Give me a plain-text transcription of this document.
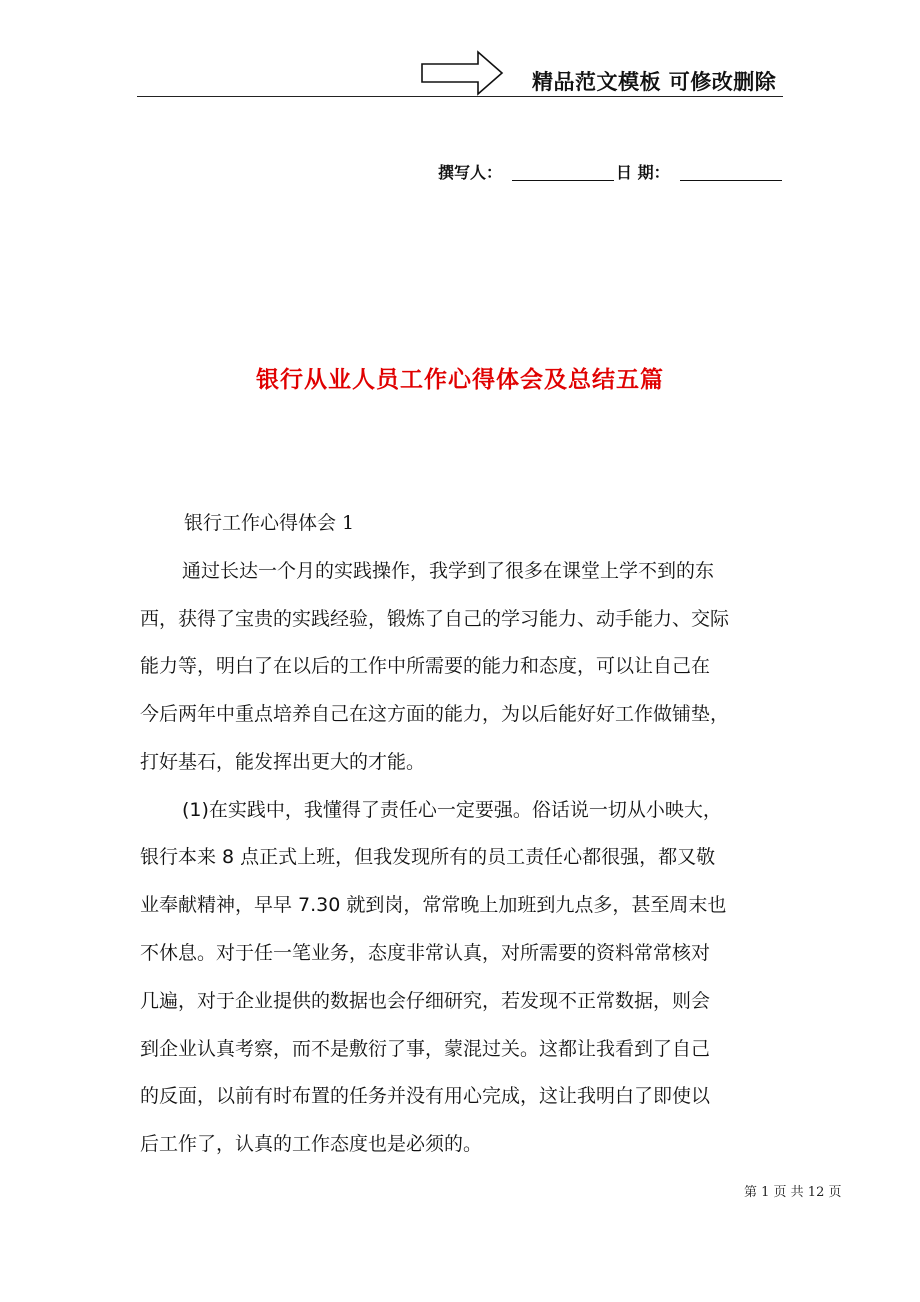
精品范文模板 可修改删除
撰写人：	日 期：
银行从业人员工作心得体会及总结五篇
银行工作心得体会 1
通过长达一个月的实践操作，我学到了很多在课堂上学不到的东
西，获得了宝贵的实践经验，锻炼了自己的学习能力、动手能力、交际
能力等，明白了在以后的工作中所需要的能力和态度，可以让自己在
今后两年中重点培养自己在这方面的能力，为以后能好好工作做铺垫，
打好基石，能发挥出更大的才能。
(1)在实践中，我懂得了责任心一定要强。俗话说一切从小映大，
银行本来 8 点正式上班，但我发现所有的员工责任心都很强，都又敬
业奉献精神，早早 7.30 就到岗，常常晚上加班到九点多，甚至周末也
不休息。对于任一笔业务，态度非常认真，对所需要的资料常常核对
几遍，对于企业提供的数据也会仔细研究，若发现不正常数据，则会
到企业认真考察，而不是敷衍了事，蒙混过关。这都让我看到了自己
的反面，以前有时布置的任务并没有用心完成，这让我明白了即使以
后工作了，认真的工作态度也是必须的。
第 1 页 共 12 页
